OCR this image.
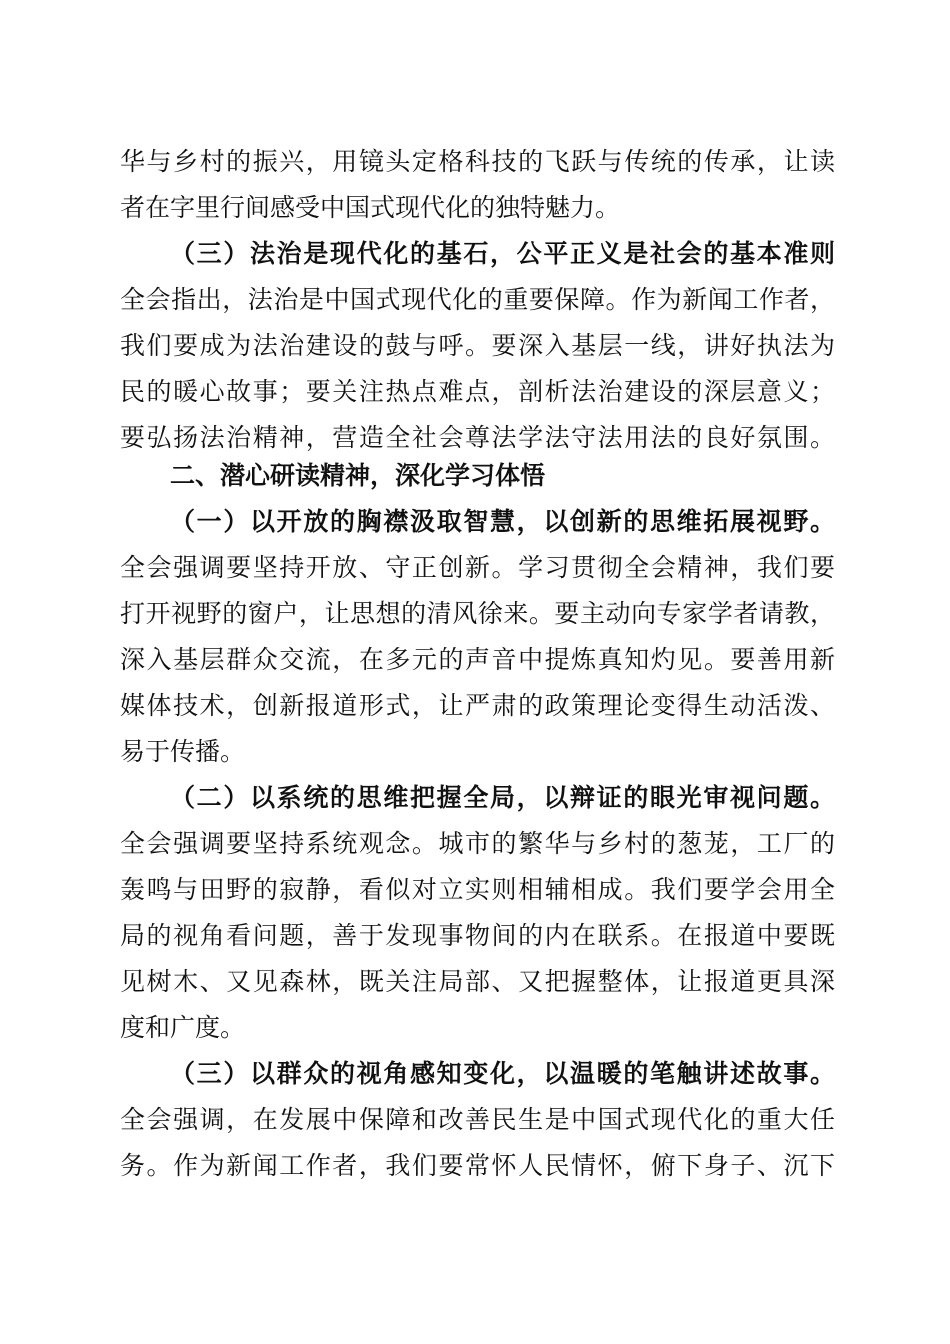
华与乡村的振兴，用镜头定格科技的飞跃与传统的传承，让读
者在字里行间感受中国式现代化的独特魅力。
（三）法治是现代化的基石，公平正义是社会的基本准则
全会指出，法治是中国式现代化的重要保障。作为新闻工作者，
我们要成为法治建设的鼓与呼。要深入基层一线，讲好执法为
民的暖心故事；要关注热点难点，剖析法治建设的深层意义；
要弘扬法治精神，营造全社会尊法学法守法用法的良好氛围。
二、潜心研读精神，深化学习体悟
（一）以开放的胸襟汲取智慧，以创新的思维拓展视野。
全会强调要坚持开放、守正创新。学习贯彻全会精神，我们要
打开视野的窗户，让思想的清风徐来。要主动向专家学者请教，
深入基层群众交流，在多元的声音中提炼真知灼见。要善用新
媒体技术，创新报道形式，让严肃的政策理论变得生动活泼、
易于传播。
（二）以系统的思维把握全局，以辩证的眼光审视问题。
全会强调要坚持系统观念。城市的繁华与乡村的葱茏，工厂的
轰鸣与田野的寂静，看似对立实则相辅相成。我们要学会用全
局的视角看问题，善于发现事物间的内在联系。在报道中要既
见树木、又见森林，既关注局部、又把握整体，让报道更具深
度和广度。
（三）以群众的视角感知变化，以温暖的笔触讲述故事。
全会强调，在发展中保障和改善民生是中国式现代化的重大任
务。作为新闻工作者，我们要常怀人民情怀，俯下身子、沉下
